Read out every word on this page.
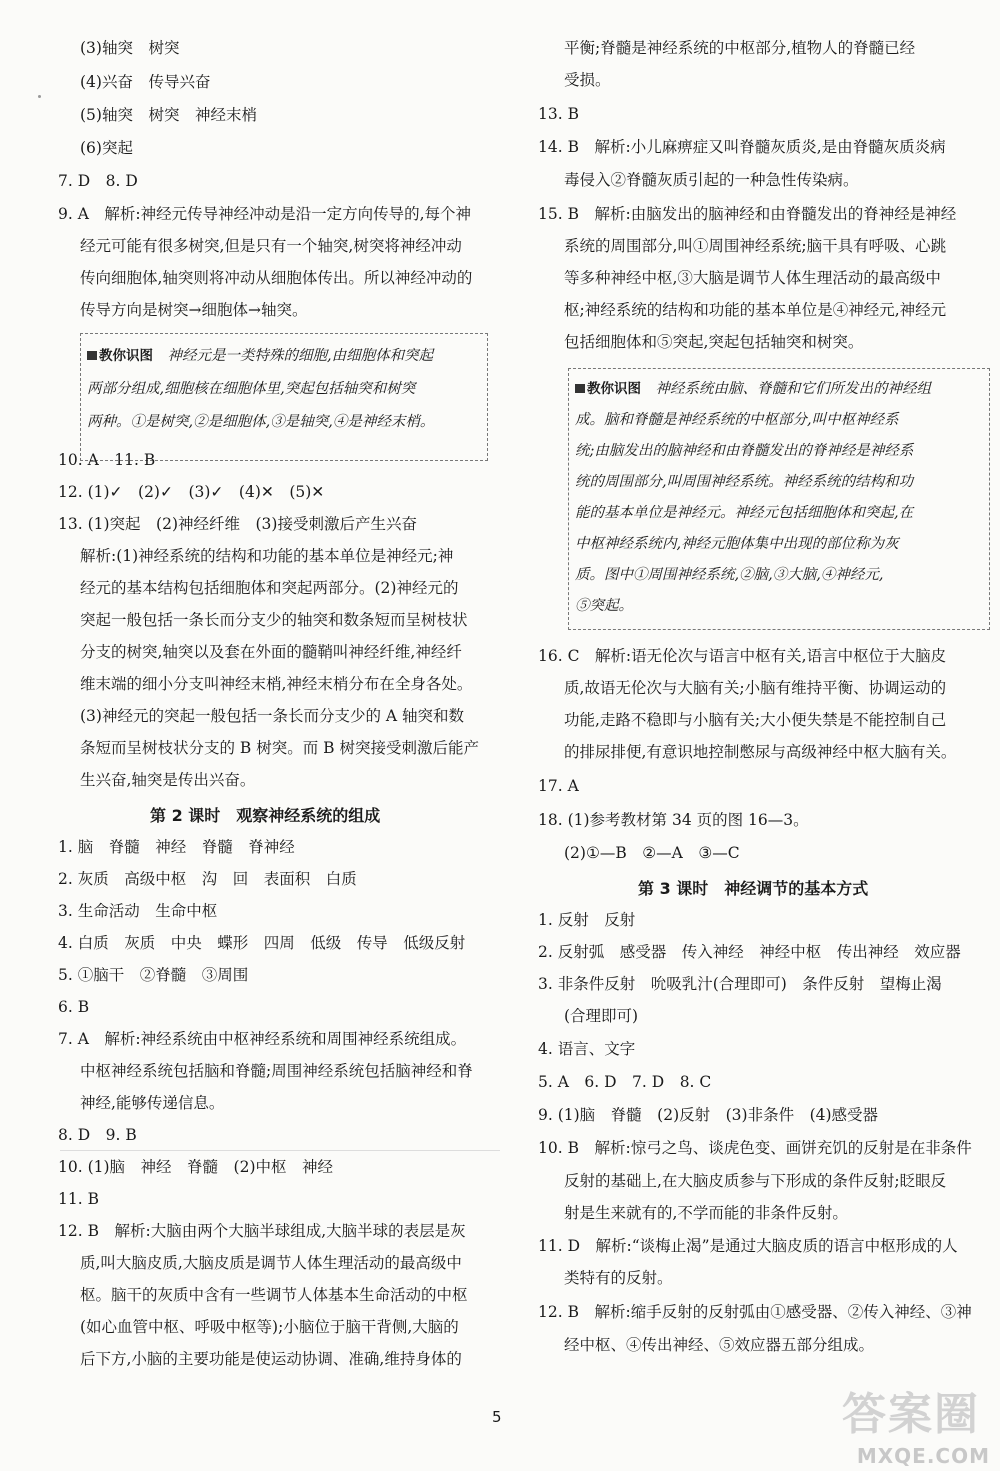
(3)轴突　树突
(4)兴奋　传导兴奋
(5)轴突　树突　神经末梢
(6)突起
7. D　8. D
9. A　解析:神经元传导神经冲动是沿一定方向传导的,每个神
经元可能有很多树突,但是只有一个轴突,树突将神经冲动
传向细胞体,轴突则将冲动从细胞体传出。所以神经冲动的
传导方向是树突→细胞体→轴突。
教你识图　 神经元是一类特殊的细胞,由细胞体和突起
两部分组成,细胞核在细胞体里,突起包括轴突和树突
两种。①是树突,②是细胞体,③是轴突,④是神经末梢。
10. A　11. B
12. (1)✓　(2)✓　(3)✓　(4)✕　(5)✕
13. (1)突起　(2)神经纤维　(3)接受刺激后产生兴奋
解析:(1)神经系统的结构和功能的基本单位是神经元;神
经元的基本结构包括细胞体和突起两部分。(2)神经元的
突起一般包括一条长而分支少的轴突和数条短而呈树枝状
分支的树突,轴突以及套在外面的髓鞘叫神经纤维,神经纤
维末端的细小分支叫神经末梢,神经末梢分布在全身各处。
(3)神经元的突起一般包括一条长而分支少的 A 轴突和数
条短而呈树枝状分支的 B 树突。而 B 树突接受刺激后能产
生兴奋,轴突是传出兴奋。
第 2 课时　观察神经系统的组成
1. 脑　脊髓　神经　脊髓　脊神经
2. 灰质　高级中枢　沟　回　表面积　白质
3. 生命活动　生命中枢
4. 白质　灰质　中央　蝶形　四周　低级　传导　低级反射
5. ①脑干　②脊髓　③周围
6. B
7. A　解析:神经系统由中枢神经系统和周围神经系统组成。
中枢神经系统包括脑和脊髓;周围神经系统包括脑神经和脊
神经,能够传递信息。
8. D　9. B
10. (1)脑　神经　脊髓　(2)中枢　神经
11. B
12. B　解析:大脑由两个大脑半球组成,大脑半球的表层是灰
质,叫大脑皮质,大脑皮质是调节人体生理活动的最高级中
枢。脑干的灰质中含有一些调节人体基本生命活动的中枢
(如心血管中枢、呼吸中枢等);小脑位于脑干背侧,大脑的
后下方,小脑的主要功能是使运动协调、准确,维持身体的
平衡;脊髓是神经系统的中枢部分,植物人的脊髓已经
受损。
13. B
14. B　解析:小儿麻痹症又叫脊髓灰质炎,是由脊髓灰质炎病
毒侵入②脊髓灰质引起的一种急性传染病。
15. B　解析:由脑发出的脑神经和由脊髓发出的脊神经是神经
系统的周围部分,叫①周围神经系统;脑干具有呼吸、心跳
等多种神经中枢,③大脑是调节人体生理活动的最高级中
枢;神经系统的结构和功能的基本单位是④神经元,神经元
包括细胞体和⑤突起,突起包括轴突和树突。
教你识图　 神经系统由脑、脊髓和它们所发出的神经组
成。脑和脊髓是神经系统的中枢部分,叫中枢神经系
统;由脑发出的脑神经和由脊髓发出的脊神经是神经系
统的周围部分,叫周围神经系统。神经系统的结构和功
能的基本单位是神经元。神经元包括细胞体和突起,在
中枢神经系统内,神经元胞体集中出现的部位称为灰
质。图中①周围神经系统,②脑,③大脑,④神经元,
⑤突起。
16. C　解析:语无伦次与语言中枢有关,语言中枢位于大脑皮
质,故语无伦次与大脑有关;小脑有维持平衡、协调运动的
功能,走路不稳即与小脑有关;大小便失禁是不能控制自己
的排尿排便,有意识地控制憋尿与高级神经中枢大脑有关。
17. A
18. (1)参考教材第 34 页的图 16—3。
(2)①—B　②—A　③—C
第 3 课时　神经调节的基本方式
1. 反射　反射
2. 反射弧　感受器　传入神经　神经中枢　传出神经　效应器
3. 非条件反射　吮吸乳汁(合理即可)　条件反射　望梅止渴
(合理即可)
4. 语言、文字
5. A　6. D　7. D　8. C
9. (1)脑　脊髓　(2)反射　(3)非条件　(4)感受器
10. B　解析:惊弓之鸟、谈虎色变、画饼充饥的反射是在非条件
反射的基础上,在大脑皮质参与下形成的条件反射;眨眼反
射是生来就有的,不学而能的非条件反射。
11. D　解析:“谈梅止渴”是通过大脑皮质的语言中枢形成的人
类特有的反射。
12. B　解析:缩手反射的反射弧由①感受器、②传入神经、③神
经中枢、④传出神经、⑤效应器五部分组成。
5	答案圈
MXQE.COM
